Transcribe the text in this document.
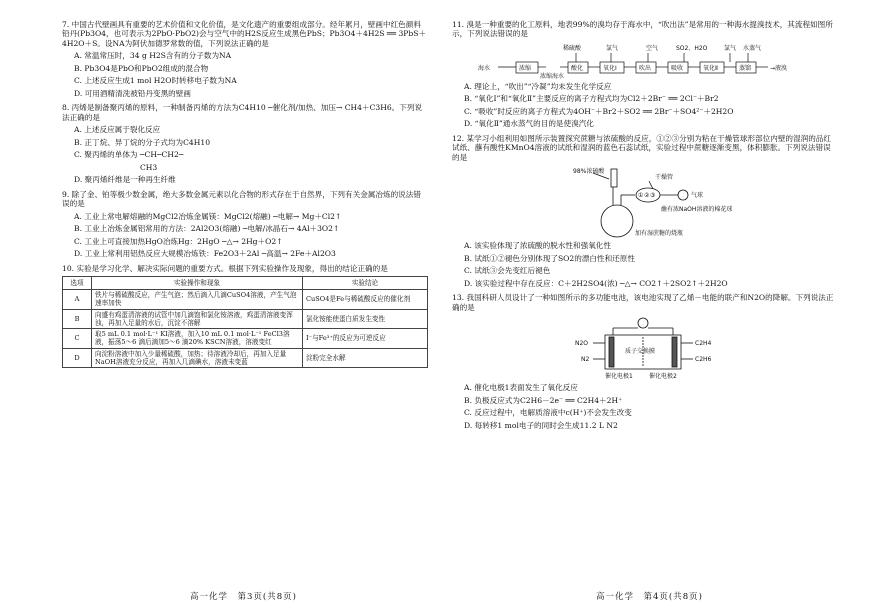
7. 中国古代壁画具有重要的艺术价值和文化价值，是文化遗产的重要组成部分。经年累月，壁画中红色颜料铅丹(Pb3O4，也可表示为2PbO·PbO2)会与空气中的H2S反应生成黑色PbS；Pb3O4＋4H2S ══ 3PbS＋4H2O＋S。设NA为阿伏加德罗常数的值，下列说法正确的是

A. 常温常压时，34 g H2S含有的分子数为NA

B. Pb3O4是PbO和PbO2组成的混合物

C. 上述反应生成1 mol H2O时转移电子数为NA

D. 可用酒精清洗被铅丹变黑的壁画

8. 丙烯是制备聚丙烯的原料，一种制备丙烯的方法为C4H10 ─催化剂/加热、加压→ CH4＋C3H6。下列说法正确的是

A. 上述反应属于裂化反应

B. 正丁烷、异丁烷的分子式均为C4H10

C. 聚丙烯的单体为 ─CH─CH2─

CH3

D. 聚丙烯纤维是一种再生纤维

9. 除了金、铂等极少数金属，绝大多数金属元素以化合物的形式存在于自然界，下列有关金属冶炼的说法错误的是

A. 工业上常电解熔融的MgCl2冶炼金属镁：MgCl2(熔融) ─电解→ Mg＋Cl2↑

B. 工业上冶炼金属铝常用的方法：2Al2O3(熔融) ─电解/冰晶石→ 4Al＋3O2↑

C. 工业上可直接加热HgO冶炼Hg：2HgO ─△→ 2Hg＋O2↑

D. 工业上常利用铝热反应大规模冶炼铁：Fe2O3＋2Al ─高温→ 2Fe＋Al2O3

10. 实验是学习化学、解决实际问题的重要方式。根据下列实验操作及现象，得出的结论正确的是

选项	实验操作和现象	实验结论
A	铁片与稀硫酸反应，产生气泡；然后滴入几滴CuSO4溶液，产生气泡速率加快	CuSO4是Fe与稀硫酸反应的催化剂
B	向盛有鸡蛋清溶液的试管中加几滴饱和氯化铵溶液，鸡蛋清溶液变浑浊，再加入足量的水后，沉淀不溶解	氯化铵能使蛋白质发生变性
C	取5 mL 0.1 mol·L⁻¹ KI溶液，加入10 mL 0.1 mol·L⁻¹ FeCl3溶液，振荡5～6 滴后滴加5～6 滴20% KSCN溶液，溶液变红	I⁻与Fe³⁺的反应为可逆反应
D	向淀粉溶液中加入少量稀硫酸，加热；待溶液冷却后，再加入足量NaOH溶液充分反应，再加入几滴碘水，溶液未变蓝	淀粉完全水解
高一化学　第3页(共8页)

11. 溴是一种重要的化工原料，地表99%的溴均存于海水中，“吹出法”是常用的一种海水提溴技术，其流程如图所示，下列说法错误的是

稀硫酸	氯气	空气	SO2、H2O	氯气 水蒸气
海水	浓缩
浓缩海水
酸化	氧化Ⅰ	吹出	吸收	氧化Ⅱ	蒸馏	→液溴

A. 理论上，“吹出”“冷凝”均未发生化学反应

B. “氧化Ⅰ”和“氧化Ⅱ”主要反应的离子方程式均为Cl2＋2Br⁻ ══ 2Cl⁻＋Br2

C. “吸收”时反应的离子方程式为4OH⁻＋Br2＋SO2 ══ 2Br⁻＋SO4²⁻＋2H2O

D. “氧化Ⅱ”通水蒸气的目的是使溴汽化

12. 某学习小组利用如图所示装置探究蔗糖与浓硫酸的反应，①②③分别为粘在干燥管球形部位内壁的湿润的品红试纸、蘸有酸性KMnO4溶液的试纸和湿润的蓝色石蕊试纸，实验过程中蔗糖逐渐变黑，体积膨胀。下列说法错误的是

98%浓硫酸
干燥管
气球
蘸有浓NaOH溶液的棉花球
加有湿蔗糖的烧瓶
① ② ③

A. 该实验体现了浓硫酸的脱水性和强氧化性

B. 试纸①②褪色分别体现了SO2的漂白性和还原性

C. 试纸③会先变红后褪色

D. 该实验过程中存在反应：C＋2H2SO4(浓) ─△→ CO2↑＋2SO2↑＋2H2O

13. 我国科研人员设计了一种如图所示的多功能电池，该电池实现了乙烯－电能的联产和N2O的降解。下列说法正确的是

N2O
N2
质子交换膜
C2H4
C2H6
催化电极1	催化电极2

A. 催化电极1表面发生了氧化反应

B. 负极反应式为C2H6－2e⁻ ══ C2H4＋2H⁺

C. 反应过程中，电解质溶液中c(H⁺)不会发生改变

D. 每转移1 mol电子的同时会生成11.2 L N2

高一化学　第4页(共8页)
